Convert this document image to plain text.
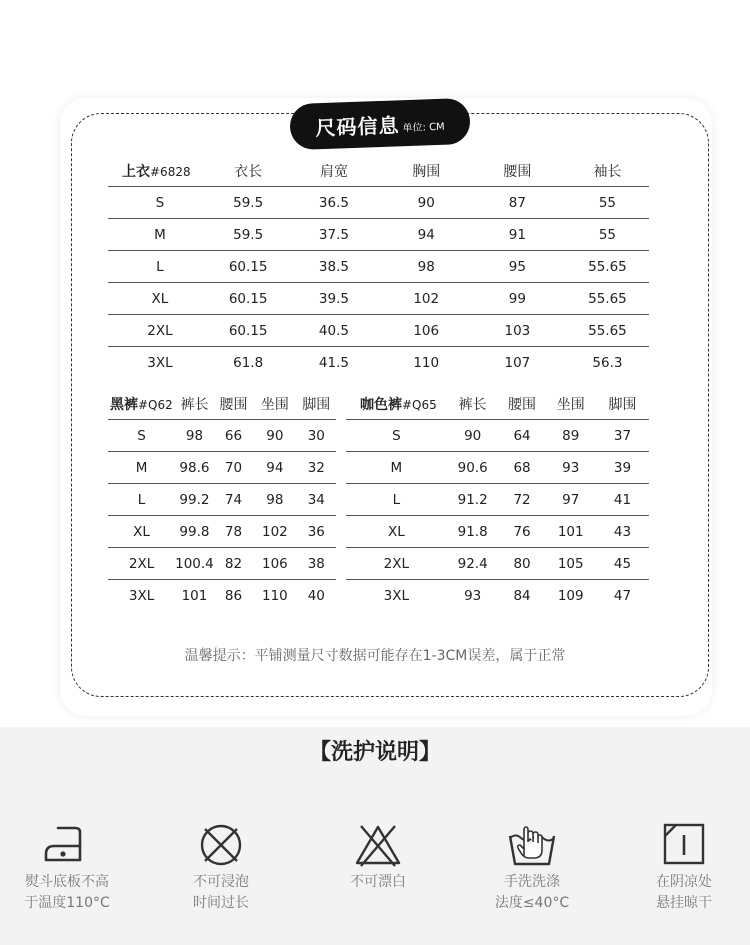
尺码信息 单位: CM
上衣#6828	衣长	肩宽	胸围	腰围	袖长
S	59.5	36.5	90	87	55
M	59.5	37.5	94	91	55
L	60.15	38.5	98	95	55.65
XL	60.15	39.5	102	99	55.65
2XL	60.15	40.5	106	103	55.65
3XL	61.8	41.5	110	107	56.3
黑裤#Q62	裤长	腰围	坐围	脚围
S	98	66	90	30
M	98.6	70	94	32
L	99.2	74	98	34
XL	99.8	78	102	36
2XL	100.4	82	106	38
3XL	101	86	110	40
咖色裤#Q65	裤长	腰围	坐围	脚围
S	90	64	89	37
M	90.6	68	93	39
L	91.2	72	97	41
XL	91.8	76	101	43
2XL	92.4	80	105	45
3XL	93	84	109	47
温馨提示：平铺测量尺寸数据可能存在1-3CM误差，属于正常
【洗护说明】
熨斗底板不高
于温度110°C
不可浸泡
时间过长
不可漂白	手洗洗涤
法度≤40°C
在阴凉处
悬挂晾干
